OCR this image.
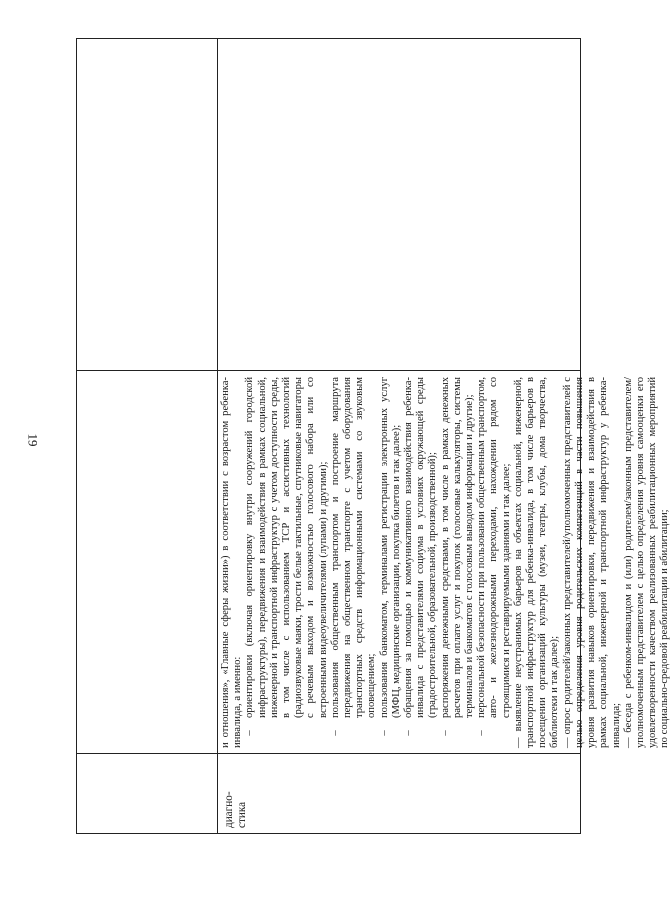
19
диагно-
стика

и отношения», «Главные сферы жизни») в соответствии с возрастом ребенка-инвалида, а именно: –
ориентировки (включая ориентировку внутри сооружений городской инфраструктуры), передвижения и взаимодействия в рамках социальной, инженерной и транспортной инфраструктур с учетом доступности среды, в том числе с использованием ТСР и ассистивных технологий (радиозвуковые маяки, трости белые тактильные, спутниковые навигаторы с речевым выходом и возможностью голосового набора или со встроенными видеоувеличителями (лупами) и другими);
–
пользования общественным транспортом и построение маршрута передвижения на общественном транспорте с учетом оборудования транспортных средств информационными системами со звуковым оповещением;
–
пользования банкоматом, терминалами регистрации электронных услуг (МФЦ, медицинские организации, покупка билетов и так далее);
–
обращения за помощью и коммуникативного взаимодействия ребенка-инвалида с представителями социума в условиях окружающей среды (градостроительной, образовательной, производственной);
–
распоряжения денежными средствами, в том числе в рамках денежных расчетов при оплате услуг и покупок (голосовые калькуляторы, системы терминалов и банкоматов с голосовым выводом информации и другие);
–
персональной безопасности при пользовании общественным транспортом, авто- и железнодорожными переходами, нахождении рядом со строящимися и реставрируемыми зданиями и так далее; — выявление неустранимых барьеров на объектах социальной, инженерной, транспортной инфраструктур для ребенка-инвалида, в том числе барьеров в посещении организаций культуры (музеи, театры, клубы, дома творчества, библиотеки и так далее); — опрос родителей/законных представителей/уполномоченных представителей с целью определения уровня родительских компетенций в части повышения уровня развития навыков ориентировки, передвижения и взаимодействия в рамках социальной, инженерной и транспортной инфраструктур у ребенка-инвалида; — беседа с ребенком-инвалидом и (или) родителем/законным представителем/уполномоченным представителем с целью определения уровня самооценки его удовлетворенности качеством реализованных реабилитационных мероприятий по социально-средовой реабилитации и абилитации;
